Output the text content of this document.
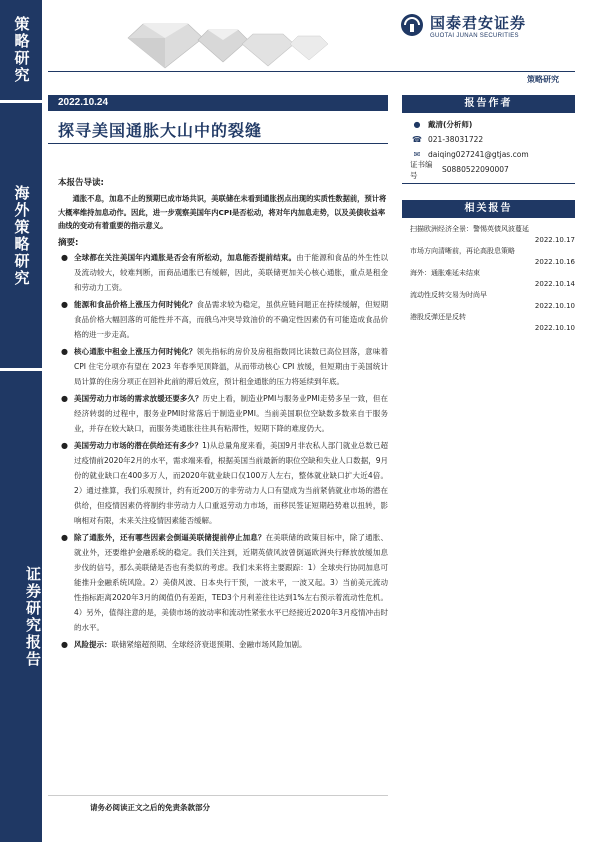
策略研究
海外策略研究
证券研究报告
国泰君安证券
GUOTAI JUNAN SECURITIES
策略研究
2022.10.24
探寻美国通胀大山中的裂缝
报告作者
●	戴清(分析师)
☎ 021-38031722
✉	daiqing027241@gtjas.com
证书编号
S0880522090007
相关报告
扫描欧洲经济全景：警惕英债风波蔓延
2022.10.17
市场方向清晰前，再论高股息策略
2022.10.16
海外：通胀难延未结束
2022.10.14
流动性反转交易为时尚早
2022.10.10
港股反弹还是反转
2022.10.10
本报告导读:
通胀不息，加息不止的预期已成市场共识，美联储在未看到通胀拐点出现的实质性数据前，预计将大概率维持加息动作。因此，进一步观察美国年内CPI是否松动，将对年内加息走势，以及美债收益率曲线的变动有着重要的指示意义。
摘要:
● 全球都在关注美国年内通胀是否会有所松动，加息能否提前结束。由于能源和食品的外生性以及流动较大，较难判断，而商品通胀已有缓解，因此，美联储更加关心核心通胀，重点是租金和劳动力工资。
● 能源和食品价格上涨压力何时钝化？食品需求较为稳定，虽供应链问题正在持续缓解，但短期食品价格大幅回落的可能性并不高，而俄乌冲突导致油价的不确定性因素仍有可能造成食品价格的进一步走高。
● 核心通胀中租金上涨压力何时钝化？领先指标的房价及房租指数同比读数已高位回落，意味着 CPI 住宅分项亦有望在 2023 年春季见顶降温，从而带动核心 CPI 放缓，但短期由于美国统计局计算的住房分项正在回补此前的滞后效应，预计租金通胀的压力将延续到年底。
● 美国劳动力市场的需求放缓还要多久？历史上看，制造业PMI与服务业PMI走势多呈一致，但在经济转弱的过程中，服务业PMI时常落后于制造业PMI。当前美国职位空缺数多数来自于服务业，并存在较大缺口，而服务类通胀往往具有粘滞性，短期下降的难度仍大。
● 美国劳动力市场的潜在供给还有多少？1)从总量角度来看，美国9月非农私人部门就业总数已超过疫情前2020年2月的水平，需求端来看，根据美国当前最新的职位空缺和失业人口数据，9月份的就业缺口在400多万人，而2020年就业缺口仅100万人左右，整体就业缺口扩大近4倍。2）通过推算，我们乐观预计，约有近200万的非劳动力人口有望成为当前紧俏就业市场的潜在供给，但疫情因素仍将制约非劳动力人口重返劳动力市场，而移民签证短期趋势难以扭转，影响相对有限，未来关注疫情因素能否缓解。
● 除了通胀外，还有哪些因素会倒逼美联储提前停止加息？在美联储的政策目标中，除了通胀、就业外，还要维护金融系统的稳定。我们关注到，近期英债风波曾倒逼欧洲央行释放放缓加息步伐的信号，那么美联储是否也有类似的考虑。我们未来将主要跟踪：1）全球央行协同加息可能推升金融系统风险。2）美债风波、日本央行干预，一波未平，一波又起。3）当前美元流动性指标距离2020年3月的阈值仍有差距，TED3个月利差往往达到1%左右预示着流动性危机。4）另外，值得注意的是，美债市场的波动率和流动性紧张水平已经接近2020年3月疫情冲击时的水平。
● 风险提示：联储紧缩超预期、全球经济衰退预期、金融市场风险加剧。
请务必阅读正文之后的免责条款部分
